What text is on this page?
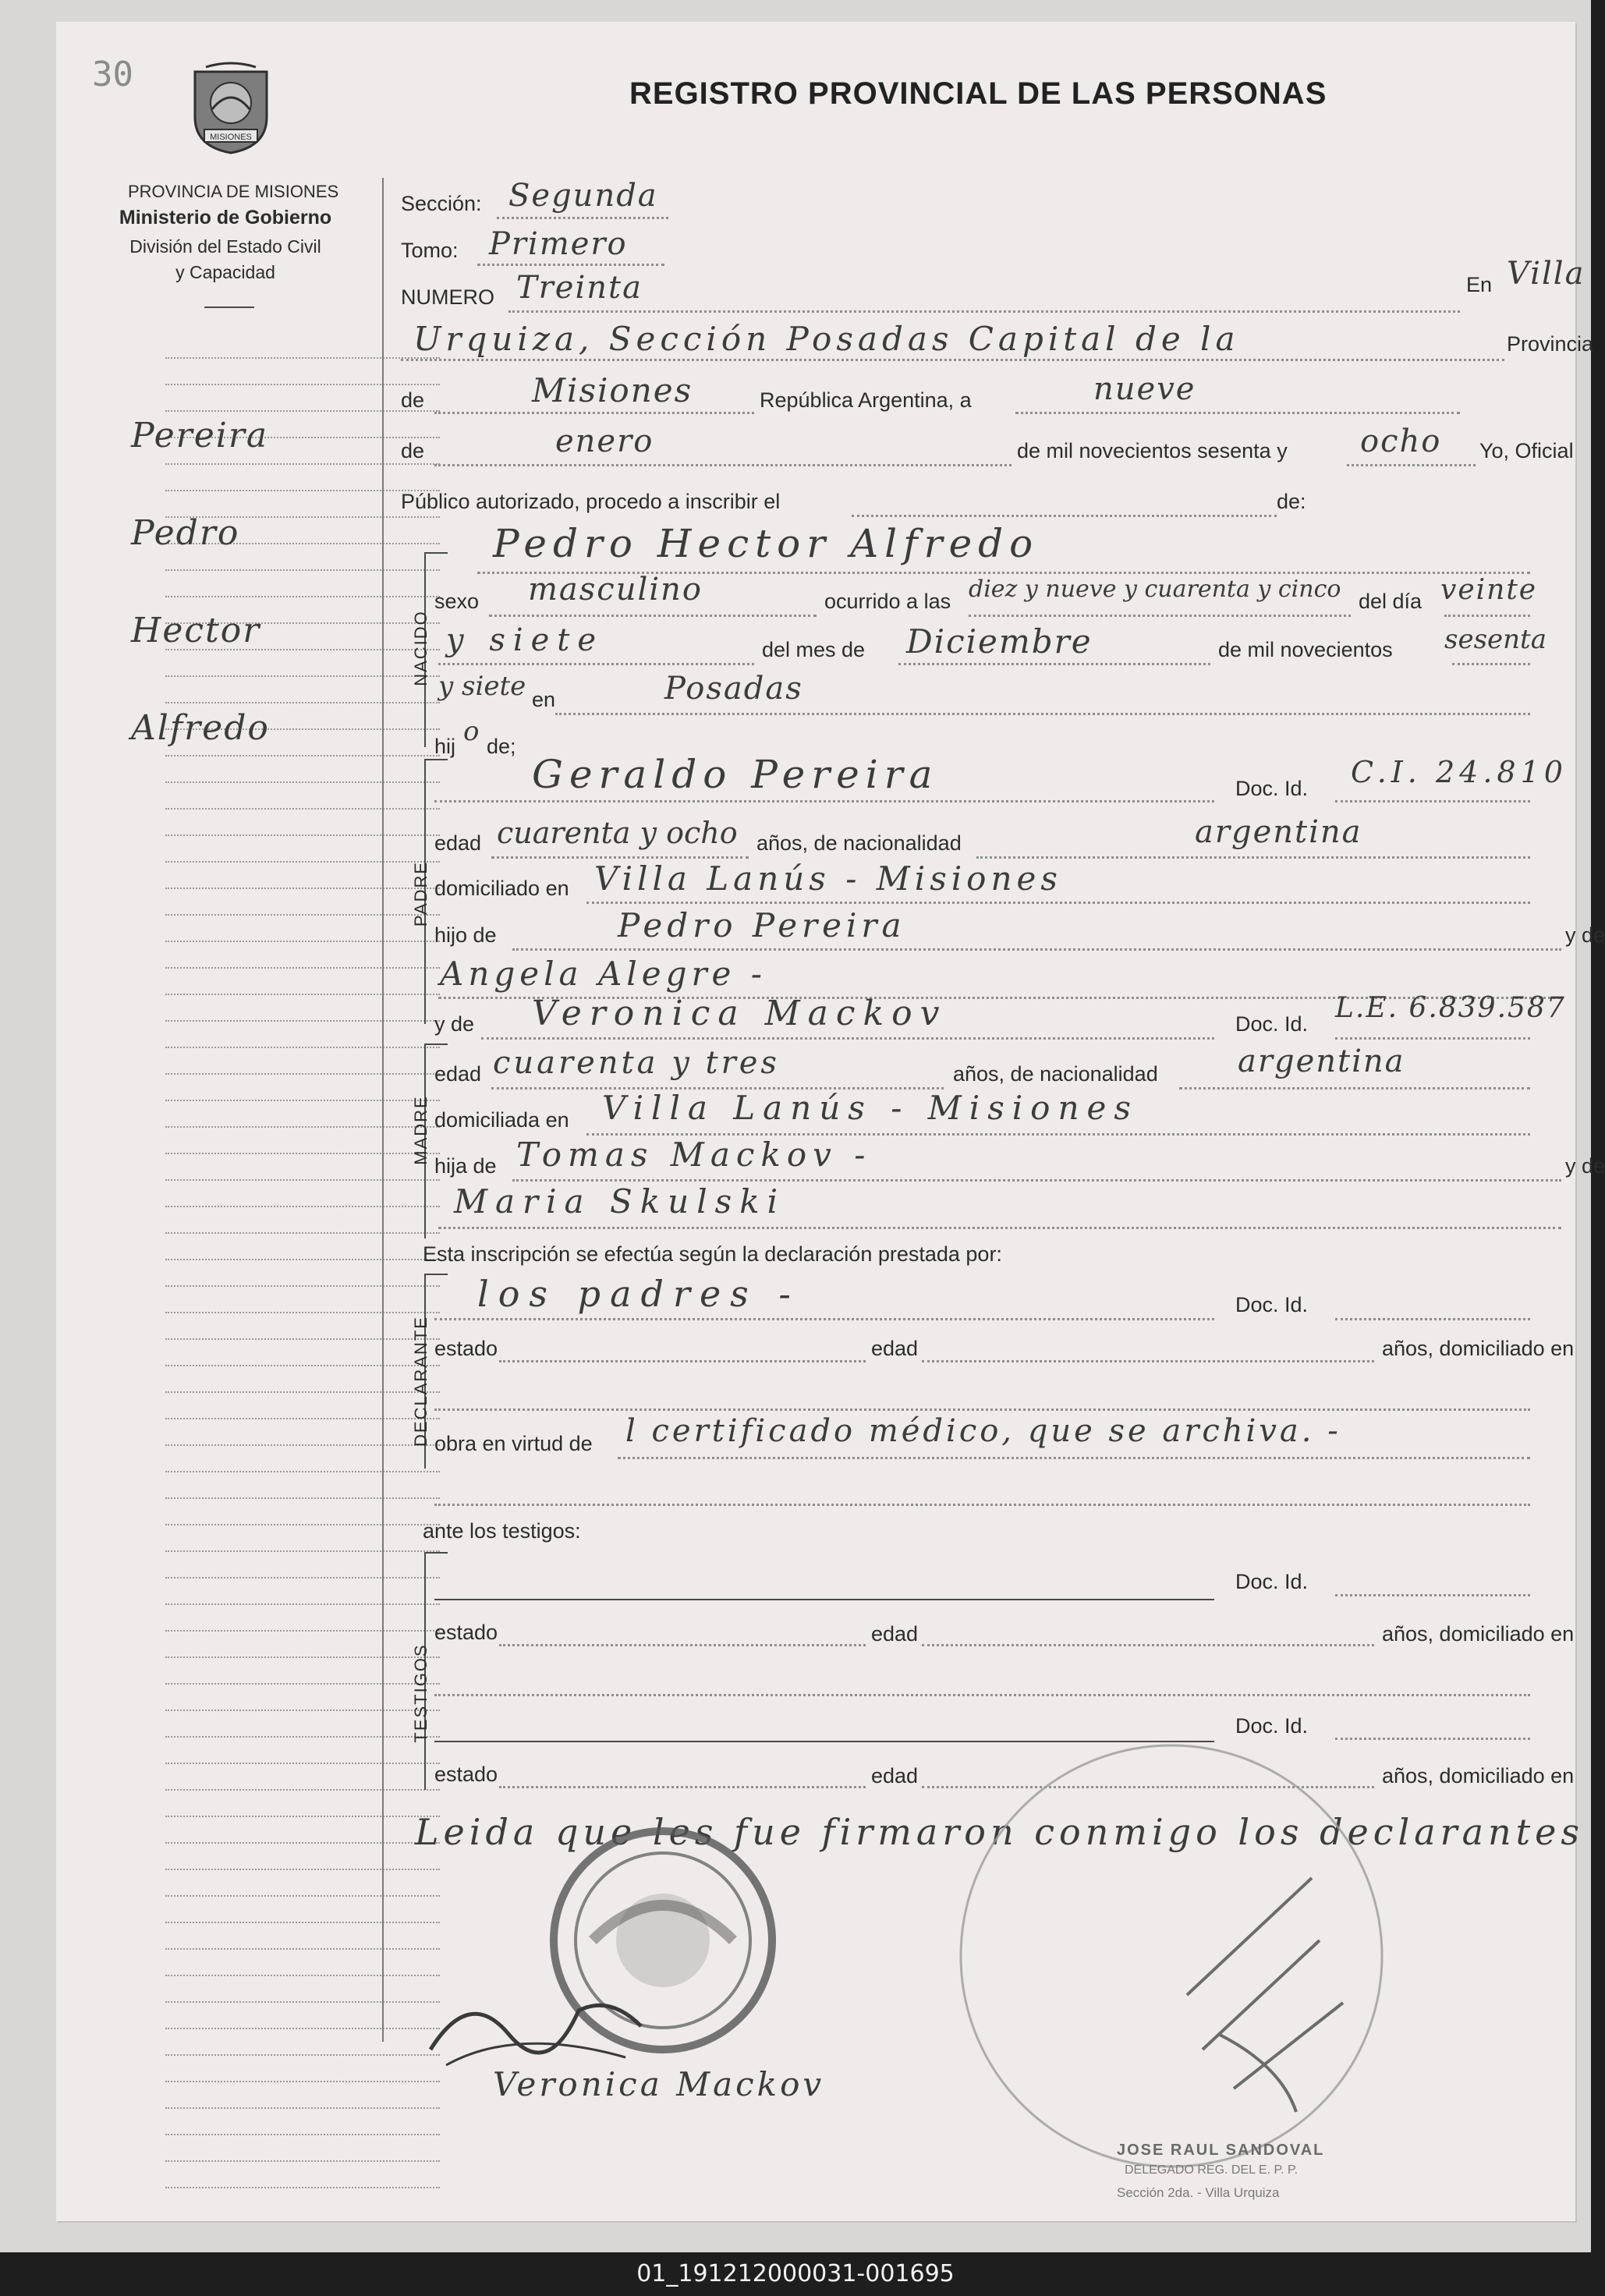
30
MISIONES
PROVINCIA DE MISIONES
Ministerio de Gobierno
División del Estado Civil
y Capacidad
REGISTRO PROVINCIAL DE LAS PERSONAS
Pereira
Pedro
Hector
Alfredo
Sección: Segunda
Tomo: Primero
NUMERO Treinta	En Villa
Urquiza, Sección Posadas Capital de la	Provincia
de	Misiones	República Argentina, a	nueve
de	enero	de mil novecientos sesenta y ocho Yo, Oficial
Público autorizado, procedo a inscribir el	de:
Pedro Hector Alfredo
NACIDO
sexo masculino	ocurrido a las diez y nueve y cuarenta y cinco del día veinte
y siete	del mes de Diciembre	de mil novecientos sesenta
y siete en	Posadas
hij o de;
PADRE
Geraldo Pereira	Doc. Id. C.I. 24.810
edad cuarenta y ocho años, de nacionalidad	argentina
domiciliado en Villa Lanús - Misiones
hijo de	Pedro Pereira	y de
Angela Alegre -
MADRE
y de Veronica Mackov	Doc. Id. L.E. 6.839.587
edad cuarenta y tres	años, de nacionalidad	argentina
domiciliada en Villa Lanús - Misiones
hija de Tomas Mackov -	y de
Maria Skulski
Esta inscripción se efectúa según la declaración prestada por:
DECLARANTE
los padres -	Doc. Id.
estado	edad	años, domiciliado en
obra en virtud de l certificado médico, que se archiva. -
ante los testigos:
TESTIGOS
Doc. Id.
estado	edad	años, domiciliado en
Doc. Id.
estado	edad	años, domiciliado en
Leida que les fue firmaron conmigo los declarantes
Veronica Mackov
JOSE RAUL SANDOVAL
DELEGADO REG. DEL E. P. P.
Sección 2da. - Villa Urquiza
01_191212000031-001695
